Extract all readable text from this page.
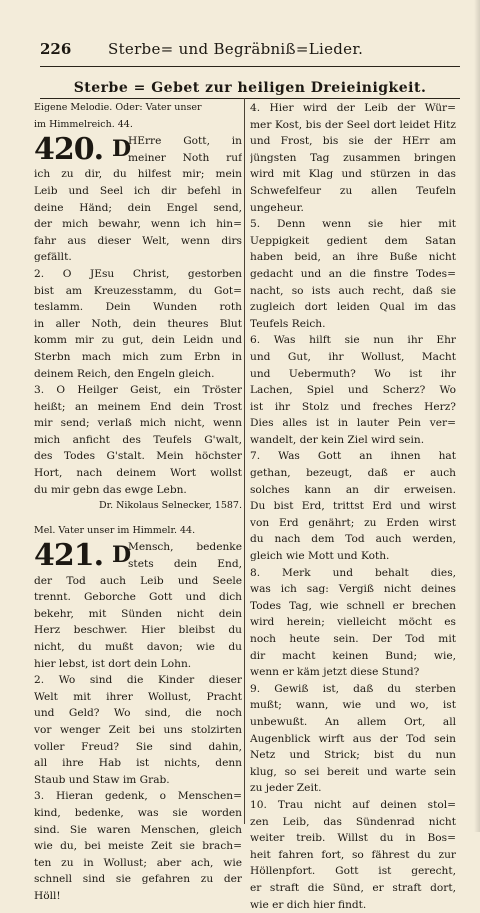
226 Sterbe= und Begräbniß=Lieder.
Sterbe = Gebet zur heiligen Dreieinigkeit.
Eigene Melodie. Oder: Vater unser
im Himmelreich. 44.
420. D
HErre Gott, in
meiner Noth ruf
ich zu dir, du hilfest mir; mein
Leib und Seel ich dir befehl in
deine Händ; dein Engel send,
der mich bewahr, wenn ich hin=
fahr aus dieser Welt, wenn dirs
gefällt.
2. O JEsu Christ, gestorben
bist am Kreuzesstamm, du Got=
teslamm. Dein Wunden roth
in aller Noth, dein theures Blut
komm mir zu gut, dein Leidn und
Sterbn mach mich zum Erbn in
deinem Reich, den Engeln gleich.
3. O Heilger Geist, ein Tröster
heißt; an meinem End dein Trost
mir send; verlaß mich nicht, wenn
mich anficht des Teufels G'walt,
des Todes G'stalt. Mein höchster
Hort, nach deinem Wort wollst
du mir gebn das ewge Lebn.
Dr. Nikolaus Selnecker, 1587.
Mel. Vater unser im Himmelr. 44.
421. D
Mensch, bedenke
stets dein End,
der Tod auch Leib und Seele
trennt. Geborche Gott und dich
bekehr, mit Sünden nicht dein
Herz beschwer. Hier bleibst du
nicht, du mußt davon; wie du
hier lebst, ist dort dein Lohn.
2. Wo sind die Kinder dieser
Welt mit ihrer Wollust, Pracht
und Geld? Wo sind, die noch
vor wenger Zeit bei uns stolzirten
voller Freud? Sie sind dahin,
all ihre Hab ist nichts, denn
Staub und Staw im Grab.
3. Hieran gedenk, o Menschen=
kind, bedenke, was sie worden
sind. Sie waren Menschen, gleich
wie du, bei meiste Zeit sie brach=
ten zu in Wollust; aber ach, wie
schnell sind sie gefahren zu der
Höll!
4. Hier wird der Leib der Wür=
mer Kost, bis der Seel dort leidet Hitz
und Frost, bis sie der HErr am
jüngsten Tag zusammen bringen
wird mit Klag und stürzen in das
Schwefelfeur zu allen Teufeln
ungeheur.
5. Denn wenn sie hier mit
Ueppigkeit gedient dem Satan
haben beid, an ihre Buße nicht
gedacht und an die finstre Todes=
nacht, so ists auch recht, daß sie
zugleich dort leiden Qual im das
Teufels Reich.
6. Was hilft sie nun ihr Ehr
und Gut, ihr Wollust, Macht
und Uebermuth? Wo ist ihr
Lachen, Spiel und Scherz? Wo
ist ihr Stolz und freches Herz?
Dies alles ist in lauter Pein ver=
wandelt, der kein Ziel wird sein.
7. Was Gott an ihnen hat
gethan, bezeugt, daß er auch
solches kann an dir erweisen.
Du bist Erd, trittst Erd und wirst
von Erd genährt; zu Erden wirst
du nach dem Tod auch werden,
gleich wie Mott und Koth.
8. Merk und behalt dies,
was ich sag: Vergiß nicht deines
Todes Tag, wie schnell er brechen
wird herein; vielleicht möcht es
noch heute sein. Der Tod mit
dir macht keinen Bund; wie,
wenn er käm jetzt diese Stund?
9. Gewiß ist, daß du sterben
mußt; wann, wie und wo, ist
unbewußt. An allem Ort, all
Augenblick wirft aus der Tod sein
Netz und Strick; bist du nun
klug, so sei bereit und warte sein
zu jeder Zeit.
10. Trau nicht auf deinen stol=
zen Leib, das Sündenrad nicht
weiter treib. Willst du in Bos=
heit fahren fort, so fährest du zur
Höllenpfort. Gott ist gerecht,
er straft die Sünd, er straft dort,
wie er dich hier findt.
